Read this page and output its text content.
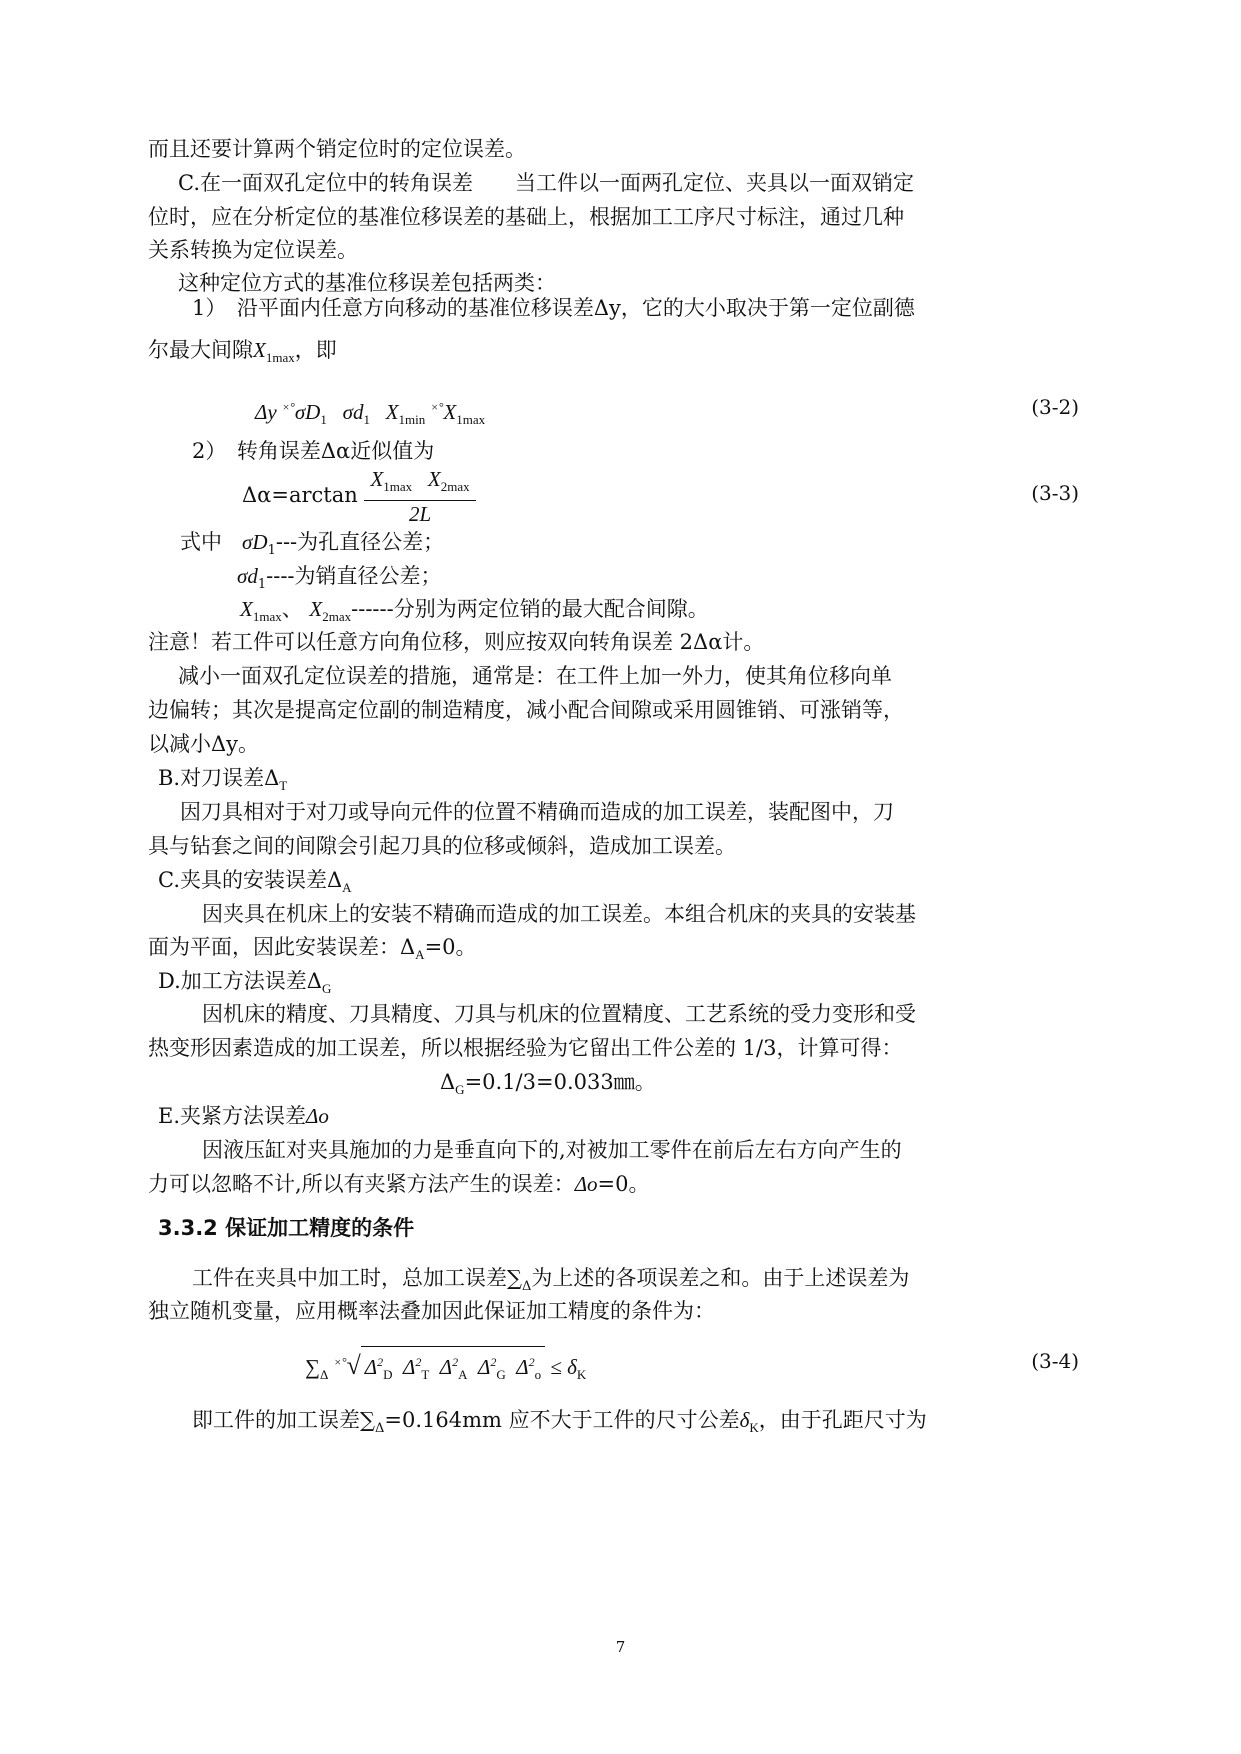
而且还要计算两个销定位时的定位误差。
C.在一面双孔定位中的转角误差　　当工件以一面两孔定位、夹具以一面双销定
位时，应在分析定位的基准位移误差的基础上，根据加工工序尺寸标注，通过几种
关系转换为定位误差。
这种定位方式的基准位移误差包括两类：
1）　沿平面内任意方向移动的基准位移误差Δy，它的大小取决于第一定位副德
尔最大间隙$X_{1max}$，即
Δy $^{\times^\circ}\sigma D_1$ $\sigma d_1$ $X_{1min}$ $^{\times^\circ}X_{1max}$
(3-2)
2）　转角误差Δα近似值为
$\Delta\alpha=\arctan \frac{X_{1max} X_{2max}}{2L}$	(3-3)
式中 $\sigma D_1---$为孔直径公差；
$\sigma d_1----$为销直径公差；
$X_{1max}$、 $X_{2max}------$分别为两定位销的最大配合间隙。
注意！若工件可以任意方向角位移，则应按双向转角误差 2Δα计。
减小一面双孔定位误差的措施，通常是：在工件上加一外力，使其角位移向单
边偏转；其次是提高定位副的制造精度，减小配合间隙或采用圆锥销、可涨销等，
以减小Δy。
B.对刀误差$\Delta_T$
因刀具相对于对刀或导向元件的位置不精确而造成的加工误差，装配图中，刀
具与钻套之间的间隙会引起刀具的位移或倾斜，造成加工误差。
C.夹具的安装误差$\Delta_A$
因夹具在机床上的安装不精确而造成的加工误差。本组合机床的夹具的安装基
面为平面，因此安装误差：$\Delta_A=0$。
D.加工方法误差$\Delta_G$
因机床的精度、刀具精度、刀具与机床的位置精度、工艺系统的受力变形和受
热变形因素造成的加工误差，所以根据经验为它留出工件公差的 1/3，计算可得：
$\Delta_G=0.1/3=0.033㎜$。
E.夹紧方法误差Δo
因液压缸对夹具施加的力是垂直向下的,对被加工零件在前后左右方向产生的
力可以忽略不计,所以有夹紧方法产生的误差：Δo=0。
3.3.2 保证加工精度的条件
工件在夹具中加工时，总加工误差$\sum_\Delta$为上述的各项误差之和。由于上述误差为
独立随机变量，应用概率法叠加因此保证加工精度的条件为：
$\sum_\Delta$ ×°√ $\Delta^2_D$  $\Delta^2_T$  $\Delta^2_A$  $\Delta^2_G$  $\Delta^2_o \le \delta_K$
(3-4)
即工件的加工误差$\sum_\Delta=0.164mm$ 应不大于工件的尺寸公差$\delta_K$，由于孔距尺寸为
7
